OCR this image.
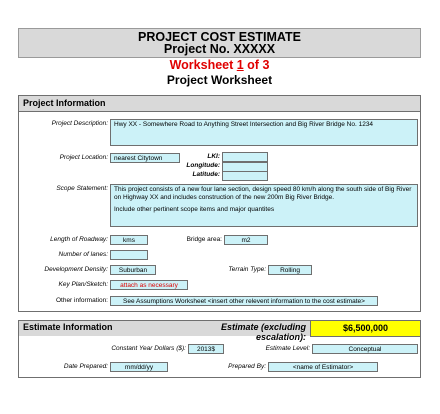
PROJECT COST ESTIMATE
Project No. XXXXX
Worksheet 1 of 3
Project Worksheet
Project Information
Project Description: Hwy XX - Somewhere Road to Anything Street Intersection and Big River Bridge No. 1234
Project Location: nearest Citytown	LKI:
Longitude:
Latitude:
Scope Statement: This project consists of a new four lane section, design speed 80 km/h along the south side of Big River on Highway XX and includes construction of the new 200m Big River Bridge.
Include other pertinent scope items and major quantites
Length of Roadway:	kms	Bridge area:	m2
Number of lanes:
Development Density:	Suburban	Terrain Type:	Rolling
Key Plan/Sketch:	attach as necessary
Other information:	See Assumptions Worksheet <insert other relevent information to the cost estimate>
Estimate Information	Estimate (excluding escalation):
$6,500,000
Constant Year Dollars ($):	2013$	Estimate Level:	Conceptual
Date Prepared:	mm/dd/yy	Prepared By:	<name of Estimator>
